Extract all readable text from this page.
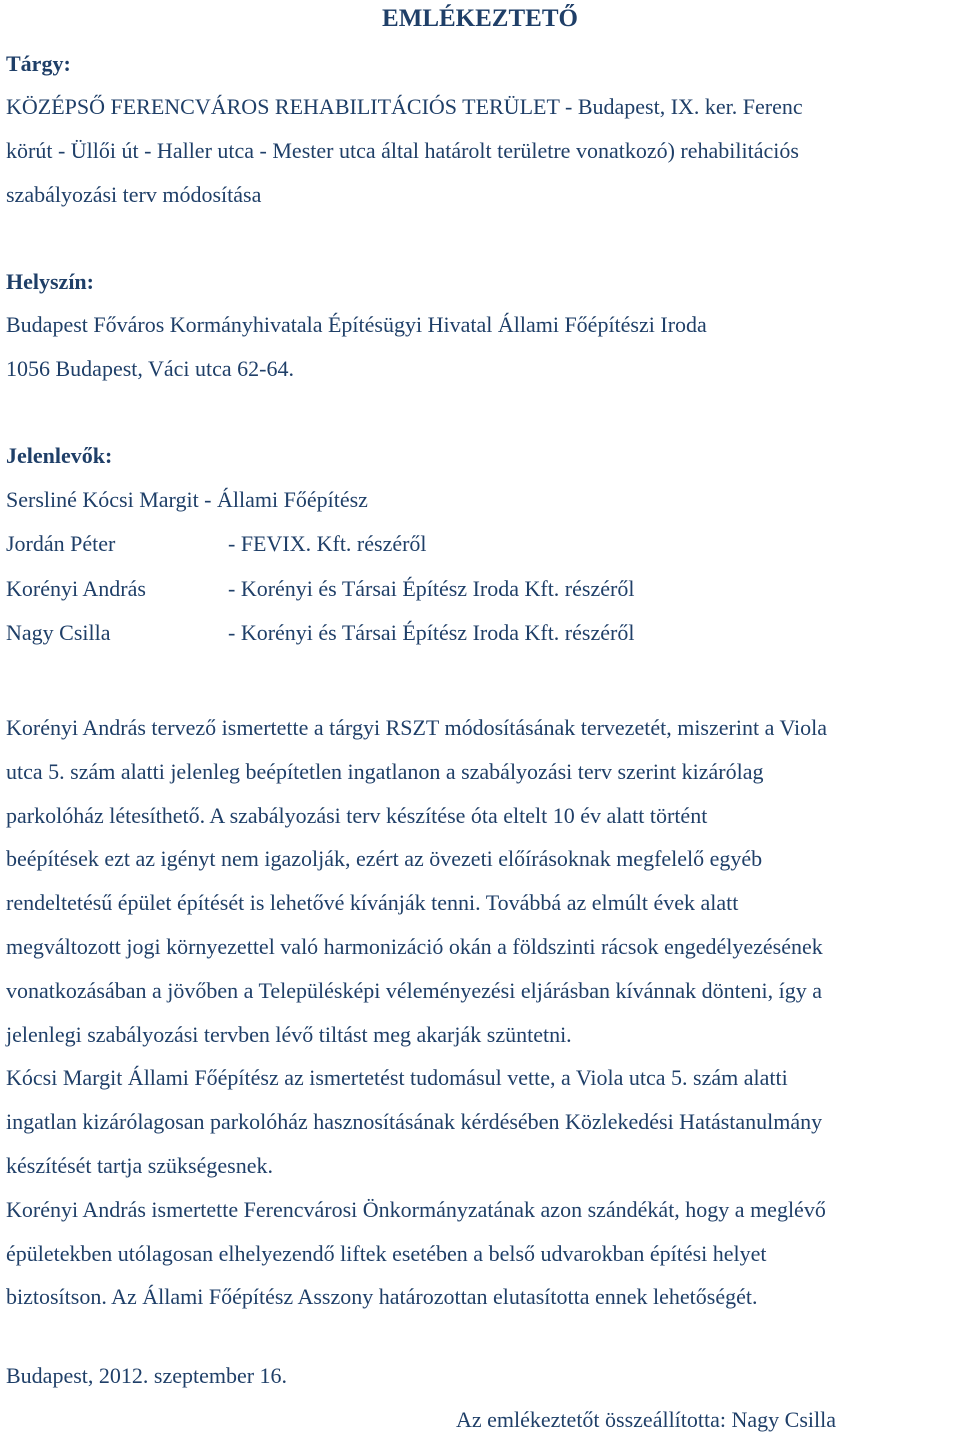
EMLÉKEZTETŐ
Tárgy:
KÖZÉPSŐ FERENCVÁROS REHABILITÁCIÓS TERÜLET - Budapest, IX. ker. Ferenc
körút - Üllői út - Haller utca - Mester utca által határolt területre vonatkozó) rehabilitációs
szabályozási terv módosítása
Helyszín:
Budapest Főváros Kormányhivatala Építésügyi Hivatal Állami Főépítészi Iroda
1056 Budapest, Váci utca 62-64.
Jelenlevők:
Sersliné Kócsi Margit - Állami Főépítész
Jordán Péter	- FEVIX. Kft. részéről
Korényi András	- Korényi és Társai Építész Iroda Kft. részéről
Nagy Csilla	- Korényi és Társai Építész Iroda Kft. részéről
Korényi András tervező ismertette a tárgyi RSZT módosításának tervezetét, miszerint a Viola
utca 5. szám alatti jelenleg beépítetlen ingatlanon a szabályozási terv szerint kizárólag
parkolóház létesíthető. A szabályozási terv készítése óta eltelt 10 év alatt történt
beépítések ezt az igényt nem igazolják, ezért az övezeti előírásoknak megfelelő egyéb
rendeltetésű épület építését is lehetővé kívánják tenni. Továbbá az elmúlt évek alatt
megváltozott jogi környezettel való harmonizáció okán a földszinti rácsok engedélyezésének
vonatkozásában a jövőben a Településképi véleményezési eljárásban kívánnak dönteni, így a
jelenlegi szabályozási tervben lévő tiltást meg akarják szüntetni.
Kócsi Margit Állami Főépítész az ismertetést tudomásul vette, a Viola utca 5. szám alatti
ingatlan kizárólagosan parkolóház hasznosításának kérdésében Közlekedési Hatástanulmány
készítését tartja szükségesnek.
Korényi András ismertette Ferencvárosi Önkormányzatának azon szándékát, hogy a meglévő
épületekben utólagosan elhelyezendő liftek esetében a belső udvarokban építési helyet
biztosítson. Az Állami Főépítész Asszony határozottan elutasította ennek lehetőségét.
Budapest, 2012. szeptember 16.
Az emlékeztetőt összeállította: Nagy Csilla
